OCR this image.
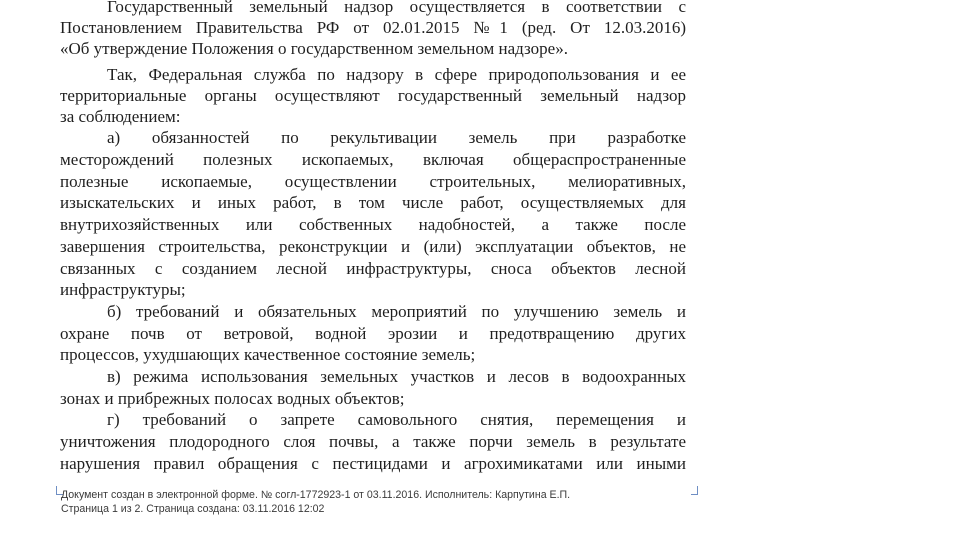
Государственный земельный надзор осуществляется в соответствии с
Постановлением Правительства РФ от 02.01.2015 №1 (ред. От 12.03.2016)
«Об утверждение Положения о государственном земельном надзоре».
Так, Федеральная служба по надзору в сфере природопользования и ее
территориальные органы осуществляют государственный земельный надзор
за соблюдением:
а) обязанностей по рекультивации земель при разработке
месторождений полезных ископаемых, включая общераспространенные
полезные ископаемые, осуществлении строительных, мелиоративных,
изыскательских и иных работ, в том числе работ, осуществляемых для
внутрихозяйственных или собственных надобностей, а также после
завершения строительства, реконструкции и (или) эксплуатации объектов, не
связанных с созданием лесной инфраструктуры, сноса объектов лесной
инфраструктуры;
б) требований и обязательных мероприятий по улучшению земель и
охране почв от ветровой, водной эрозии и предотвращению других
процессов, ухудшающих качественное состояние земель;
в) режима использования земельных участков и лесов в водоохранных
зонах и прибрежных полосах водных объектов;
г) требований о запрете самовольного снятия, перемещения и
уничтожения плодородного слоя почвы, а также порчи земель в результате
нарушения правил обращения с пестицидами и агрохимикатами или иными
Документ создан в электронной форме. № согл-1772923-1 от 03.11.2016. Исполнитель: Карпутина Е.П.
Страница 1 из 2. Страница создана: 03.11.2016 12:02
